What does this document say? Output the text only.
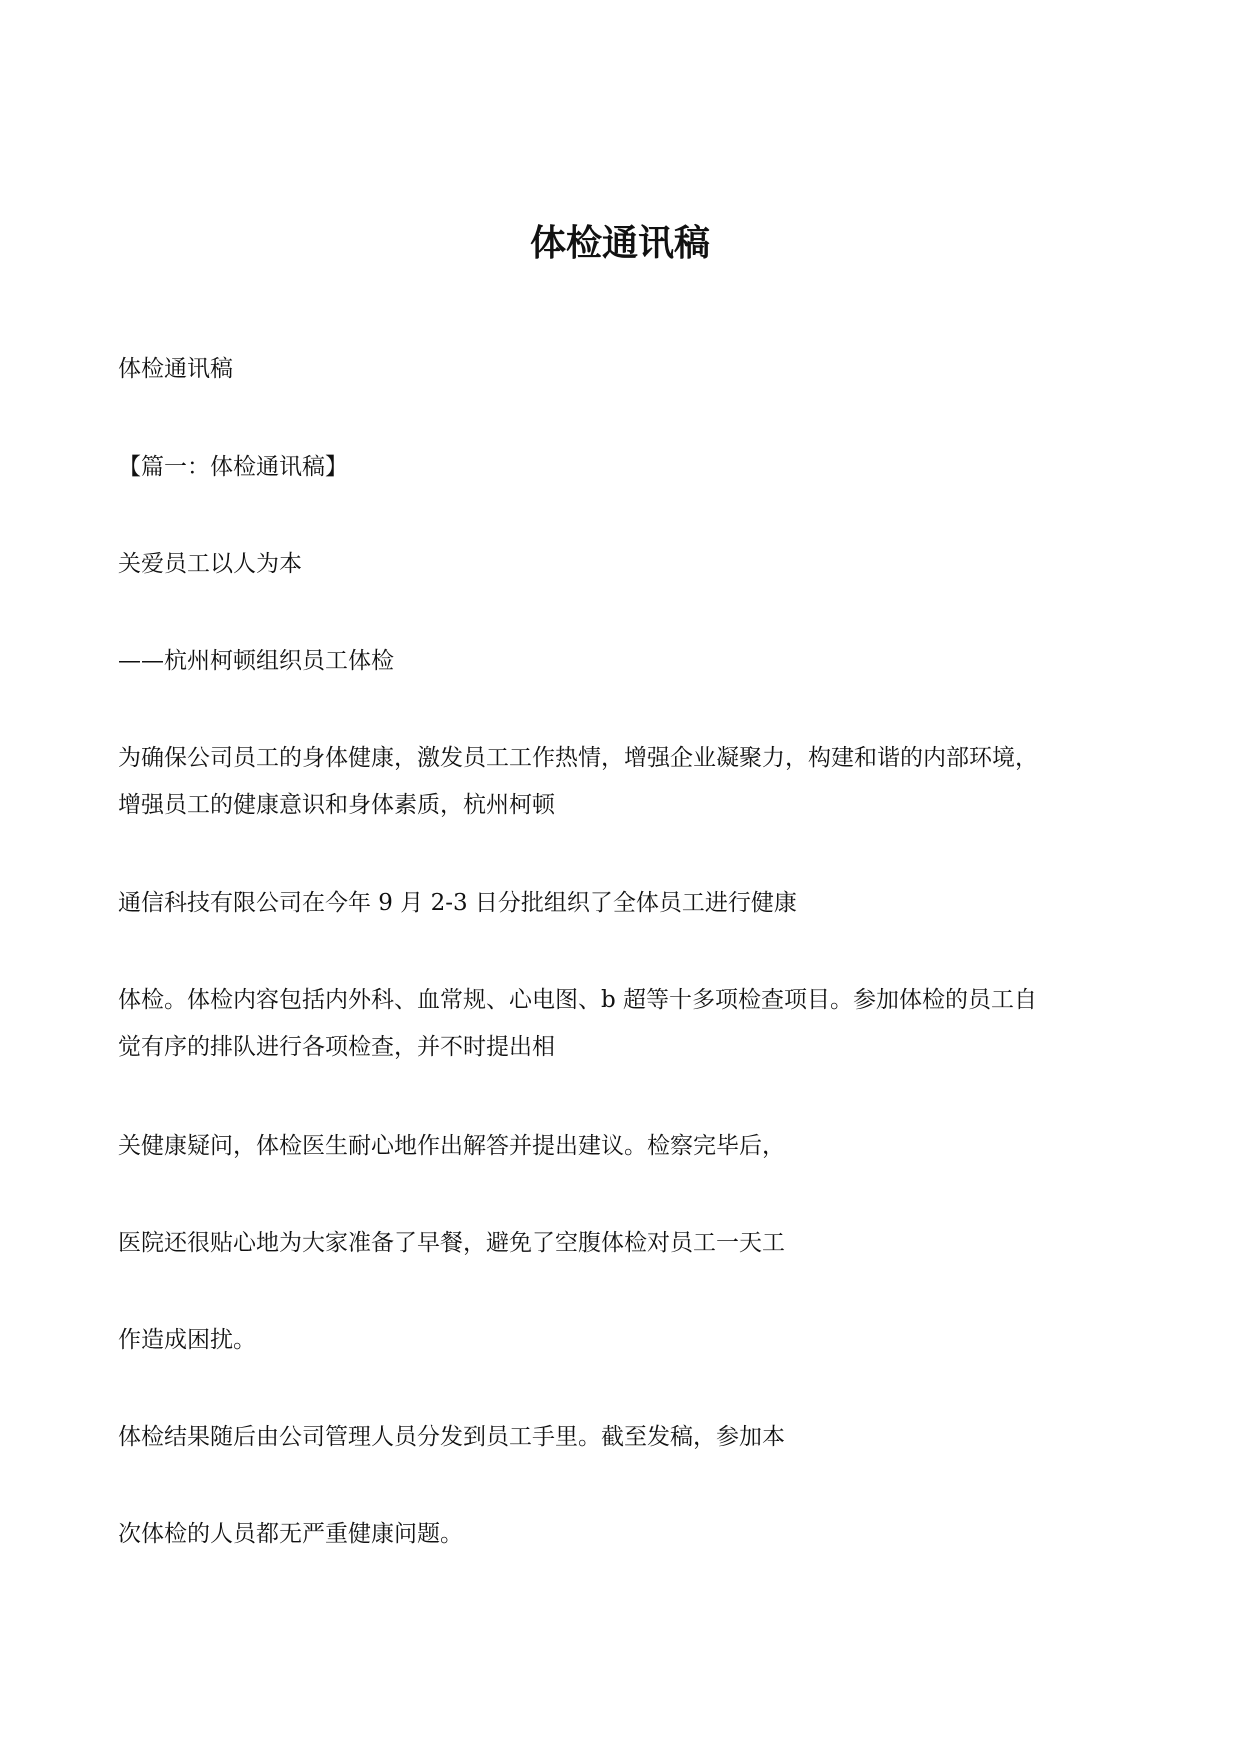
体检通讯稿

体检通讯稿

【篇一：体检通讯稿】

关爱员工以人为本

——杭州柯顿组织员工体检

为确保公司员工的身体健康，激发员工工作热情，增强企业凝聚力，构建和谐的内部环境，
增强员工的健康意识和身体素质，杭州柯顿

通信科技有限公司在今年 9 月 2-3 日分批组织了全体员工进行健康

体检。体检内容包括内外科、血常规、心电图、b 超等十多项检查项目。参加体检的员工自
觉有序的排队进行各项检查，并不时提出相

关健康疑问，体检医生耐心地作出解答并提出建议。检察完毕后，

医院还很贴心地为大家准备了早餐，避免了空腹体检对员工一天工

作造成困扰。

体检结果随后由公司管理人员分发到员工手里。截至发稿，参加本

次体检的人员都无严重健康问题。
